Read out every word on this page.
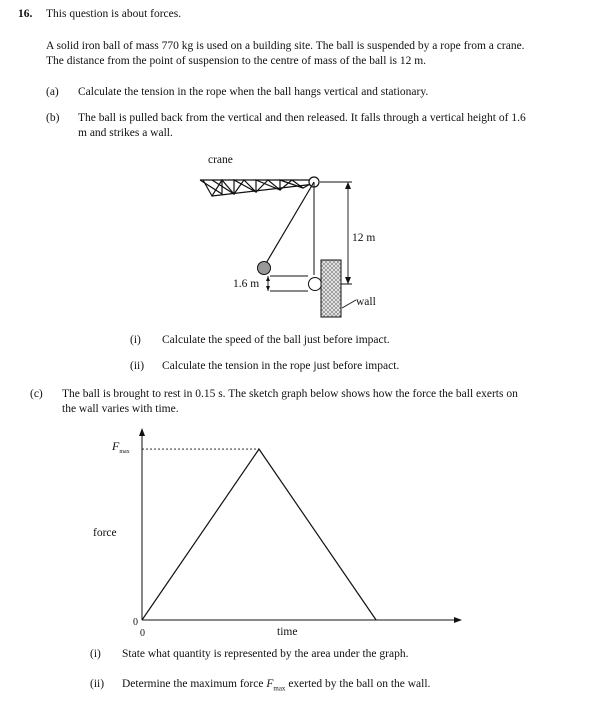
16. This question is about forces.
A solid iron ball of mass 770 kg is used on a building site. The ball is suspended by a rope from a crane.
The distance from the point of suspension to the centre of mass of the ball is 12 m.
(a) Calculate the tension in the rope when the ball hangs vertical and stationary.
(b) The ball is pulled back from the vertical and then released. It falls through a vertical height of 1.6
m and strikes a wall.
crane
12 m
1.6 m
wall
(i) Calculate the speed of the ball just before impact.
(ii) Calculate the tension in the rope just before impact.
(c) The ball is brought to rest in 0.15 s. The sketch graph below shows how the force the ball exerts on
the wall varies with time.
$F_{max}$
force
0
0	time
(i) State what quantity is represented by the area under the graph.
(ii) Determine the maximum force $F_{max}$ exerted by the ball on the wall.
